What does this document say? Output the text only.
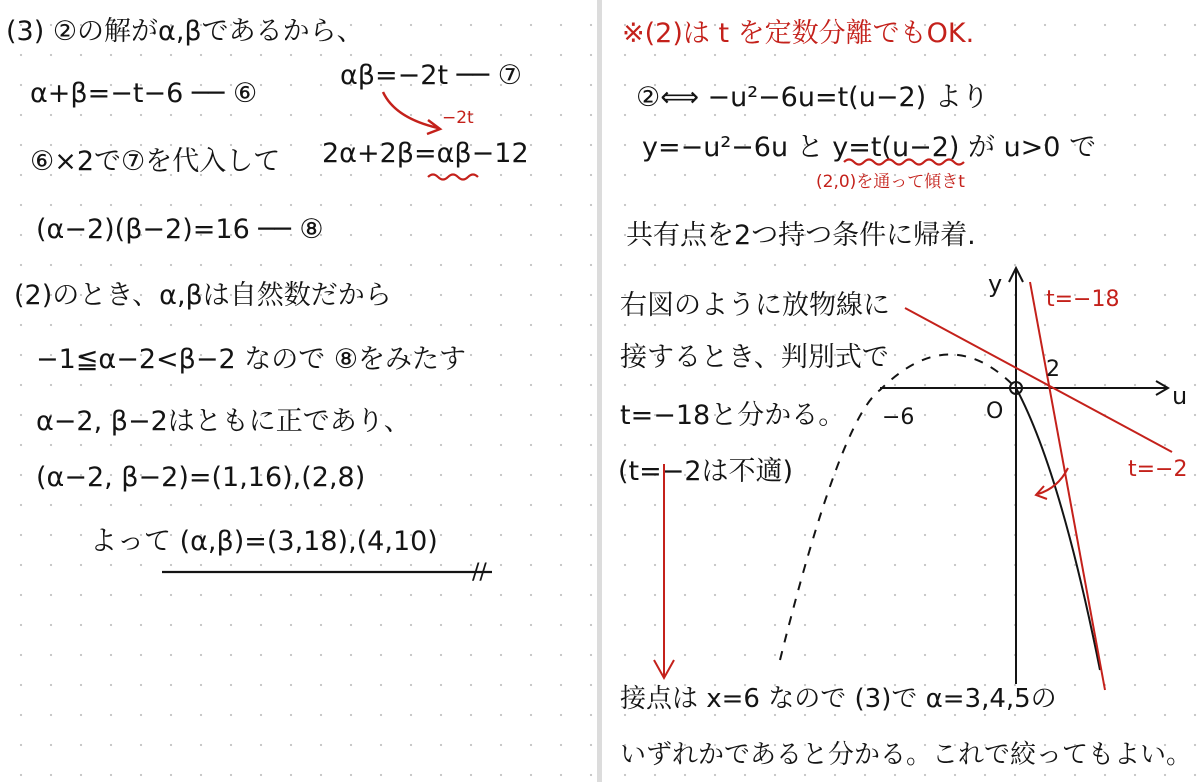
(3) ②の解がα,βであるから、
α+β=−t−6 ── ⑥
αβ=−2t ── ⑦
−2t
⑥×2で⑦を代入して 2α+2β=αβ−12
(α−2)(β−2)=16 ── ⑧
(2)のとき、α,βは自然数だから
−1≦α−2<β−2 なので ⑧をみたす
α−2, β−2はともに正であり、
(α−2, β−2)=(1,16),(2,8)
よって (α,β)=(3,18),(4,10)
//
※(2)は t を定数分離でもOK.
②⟺ −u²−6u=t(u−2) より
y=−u²−6u と y=t(u−2) が u>0 で
(2,0)を通って傾きt
共有点を2つ持つ条件に帰着.
右図のように放物線に
接するとき、判別式で
t=−18と分かる。
(t=−2は不適)
接点は x=6 なので (3)で α=3,4,5の
いずれかであると分かる。これで絞ってもよい。
y
u
O
−6
2
t=−18
t=−2
